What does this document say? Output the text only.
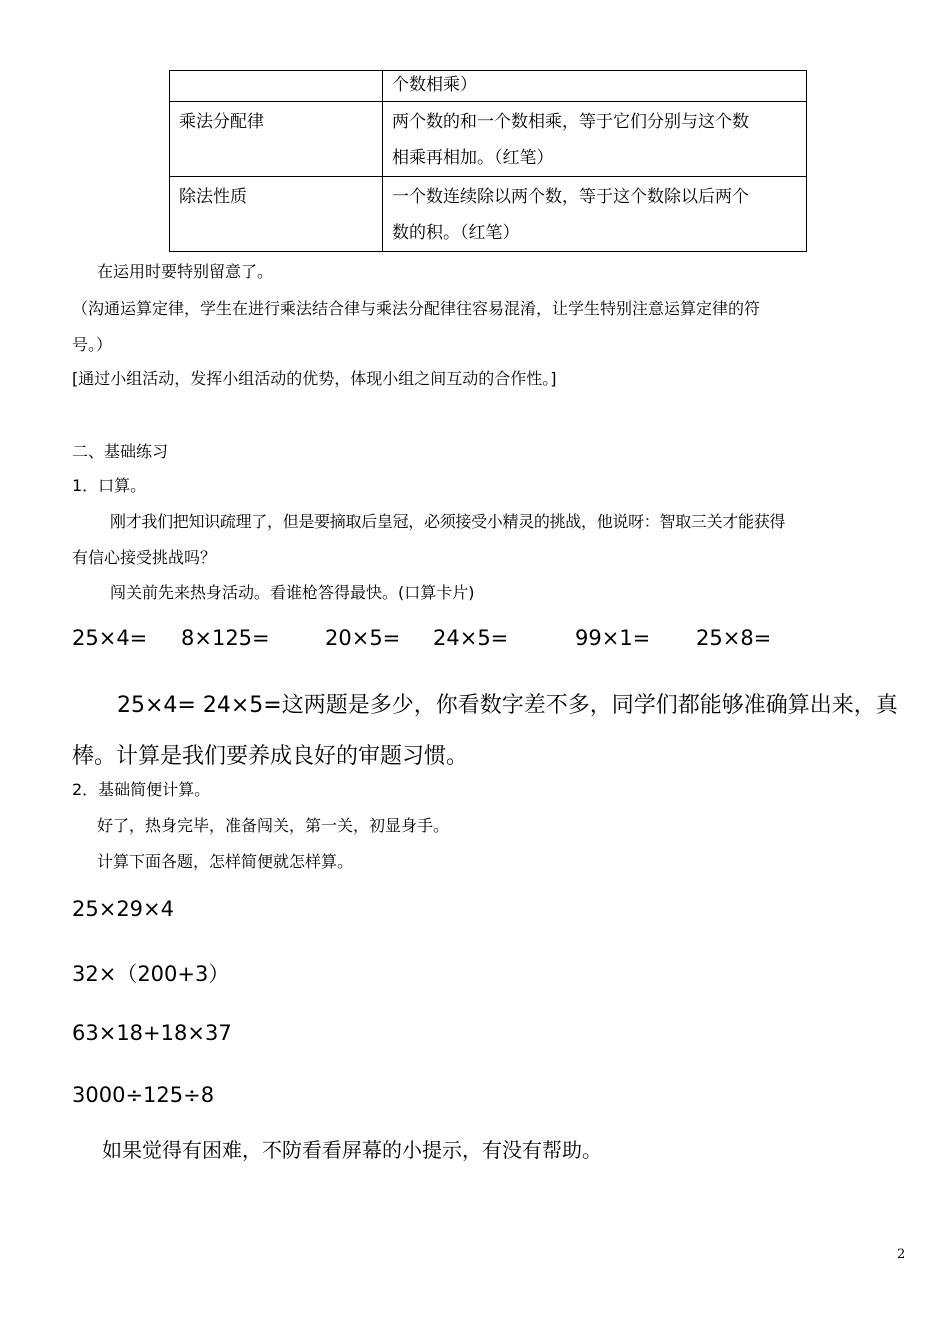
	个数相乘）

乘法分配律	两个数的和一个数相乘，等于它们分别与这个数
相乘再相加。（红笔）

除法性质	一个数连续除以两个数，等于这个数除以后两个
数的积。（红笔）
在运用时要特别留意了。
（沟通运算定律，学生在进行乘法结合律与乘法分配律往容易混淆，让学生特别注意运算定律的符
号。）
[通过小组活动，发挥小组活动的优势，体现小组之间互动的合作性。]
二、基础练习
1．口算。
刚才我们把知识疏理了，但是要摘取后皇冠，必须接受小精灵的挑战，他说呀：智取三关才能获得
有信心接受挑战吗？
闯关前先来热身活动。看谁枪答得最快。(口算卡片)
25×4= 8×125=	20×5= 24×5=	99×1= 25×8=
25×4= 24×5=这两题是多少，你看数字差不多，同学们都能够准确算出来，真
棒。计算是我们要养成良好的审题习惯。
2．基础简便计算。
好了，热身完毕，准备闯关，第一关，初显身手。
计算下面各题，怎样简便就怎样算。
25×29×4
32×（200+3）
63×18+18×37
3000÷125÷8
如果觉得有困难，不防看看屏幕的小提示，有没有帮助。
2
